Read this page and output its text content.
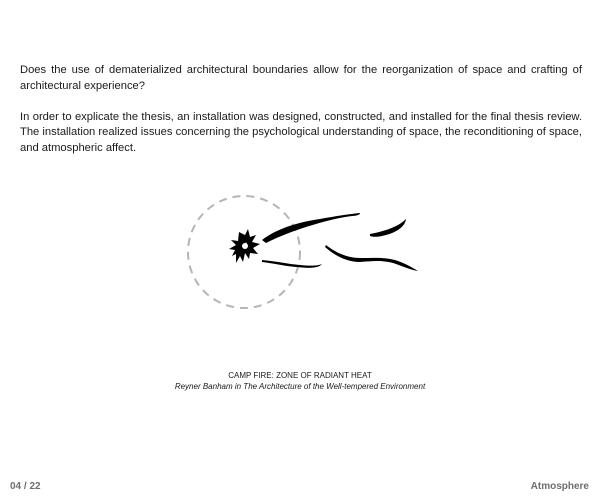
Does the use of dematerialized architectural boundaries allow for the reorganization of space and crafting of architectural experience?

In order to explicate the thesis, an installation was designed, constructed, and installed for the final thesis review. The installation realized issues concerning the psychological understanding of space, the reconditioning of space, and atmospheric affect.

CAMP FIRE: ZONE OF RADIANT HEAT
Reyner Banham in The Architecture of the Well-tempered Environment
04 / 22	Atmosphere
